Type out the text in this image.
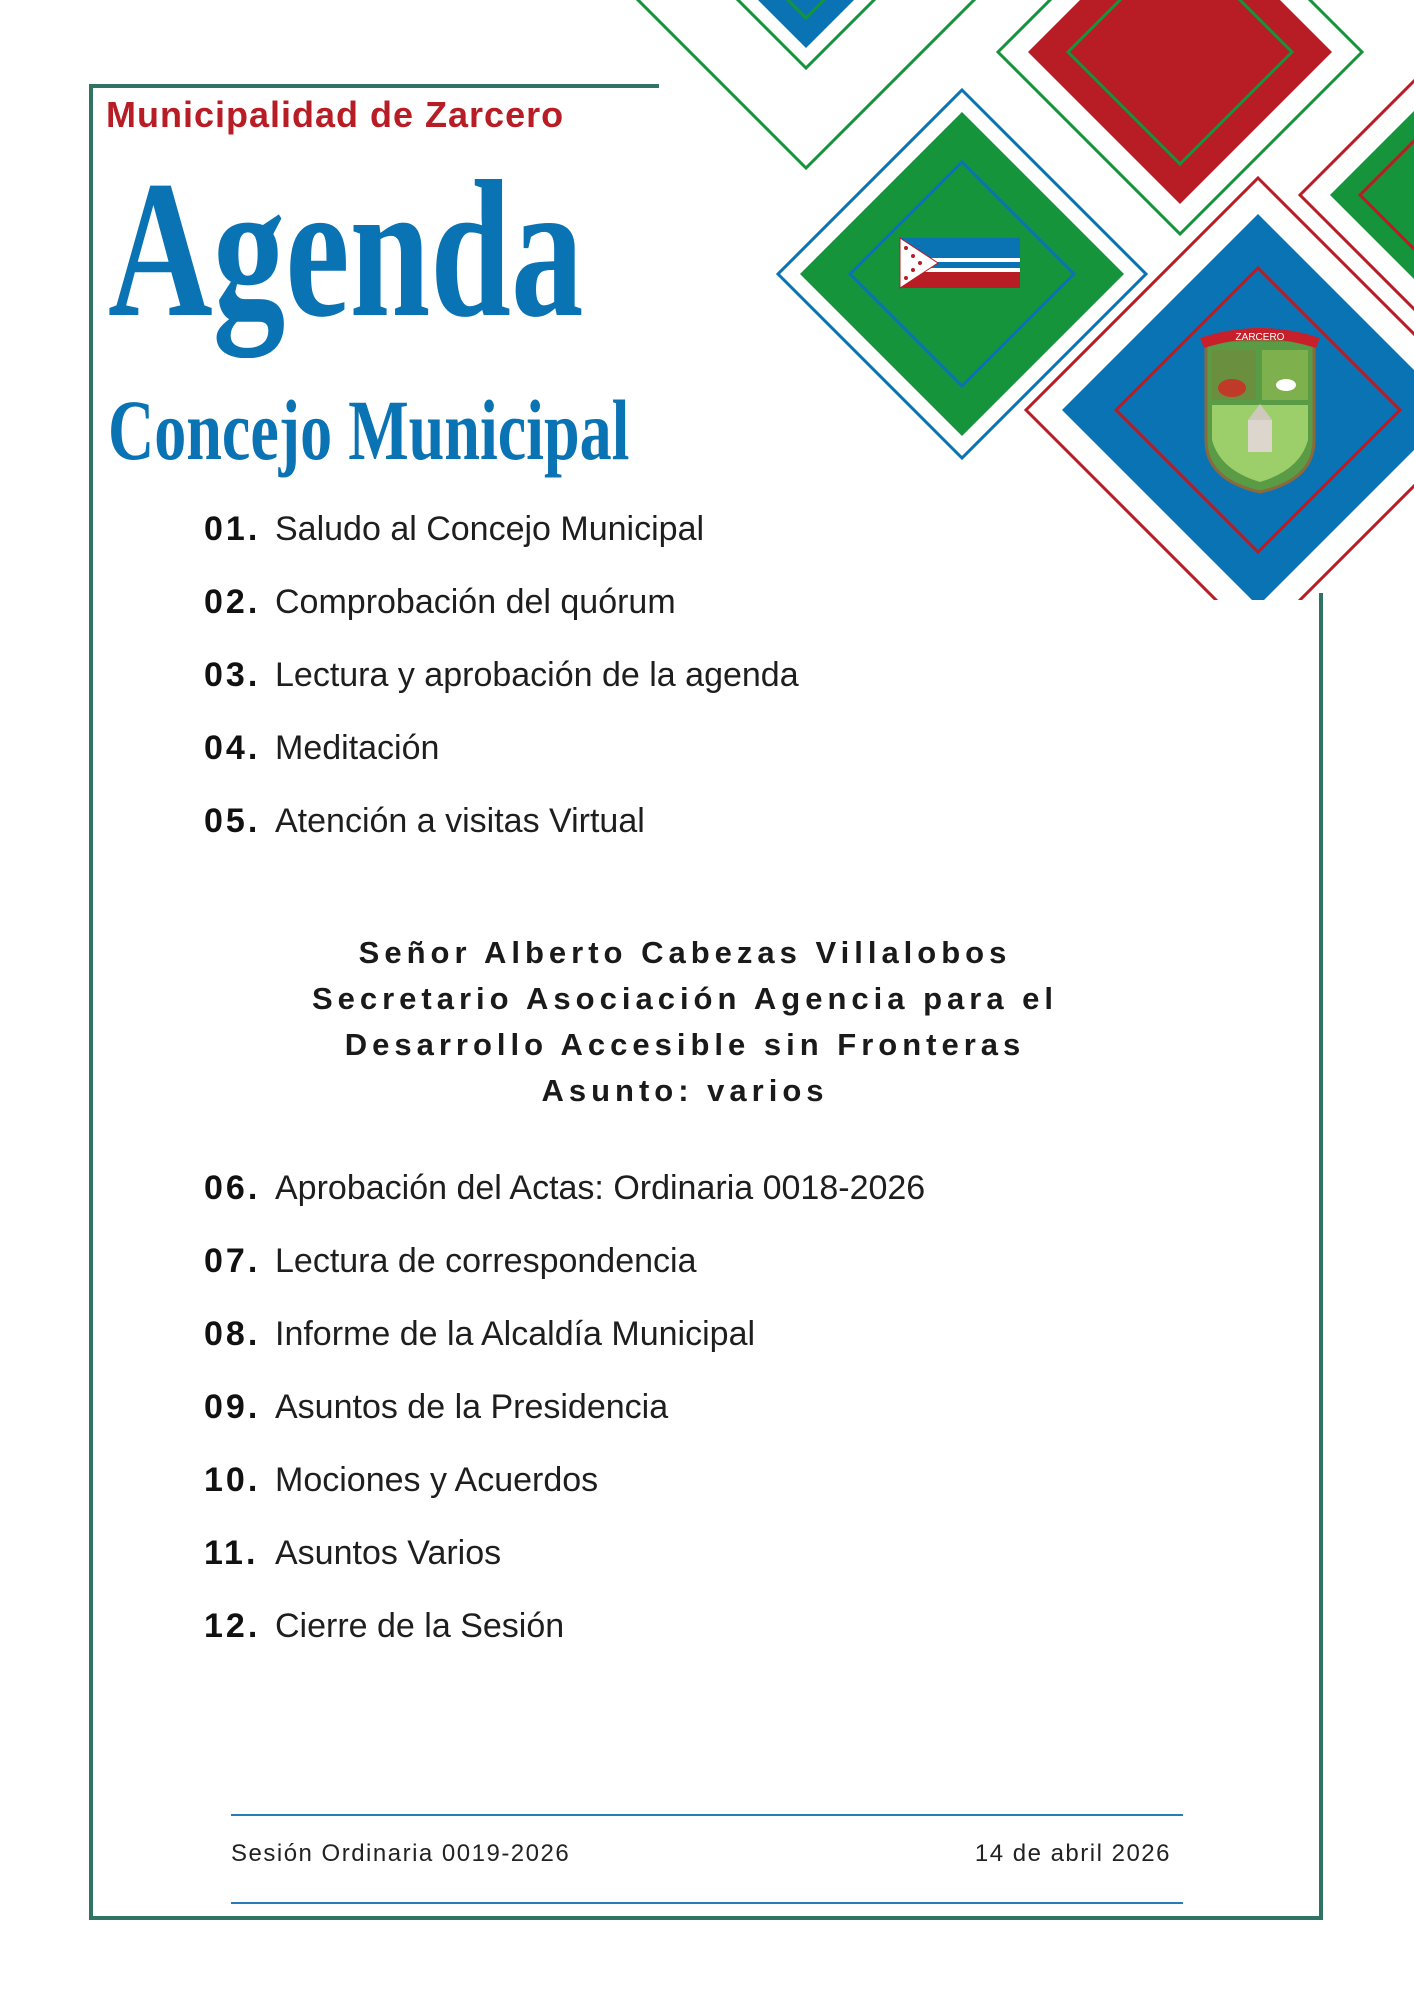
ZARCERO
Municipalidad de Zarcero
Agenda
Concejo Municipal
01. Saludo al Concejo Municipal
02. Comprobación del quórum
03. Lectura y aprobación de la agenda
04. Meditación
05. Atención a visitas Virtual
Señor Alberto Cabezas Villalobos
Secretario Asociación Agencia para el
Desarrollo Accesible sin Fronteras
Asunto: varios
06. Aprobación del Actas: Ordinaria 0018-2026
07. Lectura de correspondencia
08. Informe de la Alcaldía Municipal
09. Asuntos de la Presidencia
10. Mociones y Acuerdos
11. Asuntos Varios
12. Cierre de la Sesión
Sesión Ordinaria 0019-2026	14 de abril 2026
